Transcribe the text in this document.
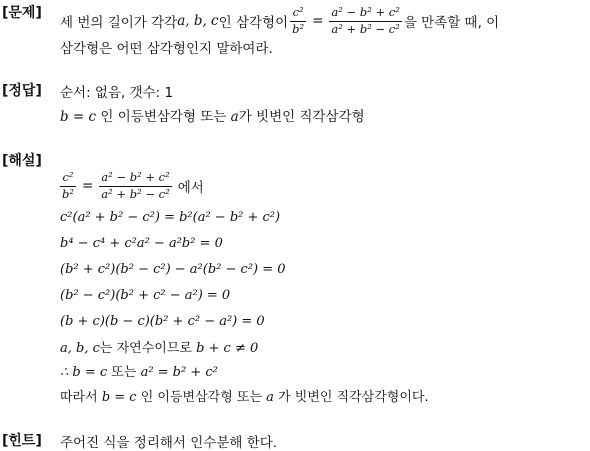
[문제]
세 번의 길이가 각각 a, b, c 인 삼각형이 $\frac{\text{c²}}{\text{b²}} = \frac{\text{a² − b² + c²}}{\text{a² + b² − c²}}$ 을 만족할 때, 이
삼각형은 어떤 삼각형인지 말하여라.
[정답] 순서: 없음, 갯수: 1
b = c 인 이등변삼각형 또는 a가 빗변인 직각삼각형
[해설]
$\frac{\text{c²}}{\text{b²}} = \frac{\text{a² − b² + c²}}{\text{a² + b² − c²}}$ 에서
c²(a² + b² − c²) = b²(a² − b² + c²)
b⁴ − c⁴ + c²a² − a²b² = 0
(b² + c²)(b² − c²) − a²(b² − c²) = 0
(b² − c²)(b² + c² − a²) = 0
(b + c)(b − c)(b² + c² − a²) = 0
a, b, c는 자연수이므로 b + c ≠ 0
∴ b = c 또는 a² = b² + c²
따라서 b = c 인 이등변삼각형 또는 a 가 빗변인 직각삼각형이다.
[힌트] 주어진 식을 정리해서 인수분해 한다.
